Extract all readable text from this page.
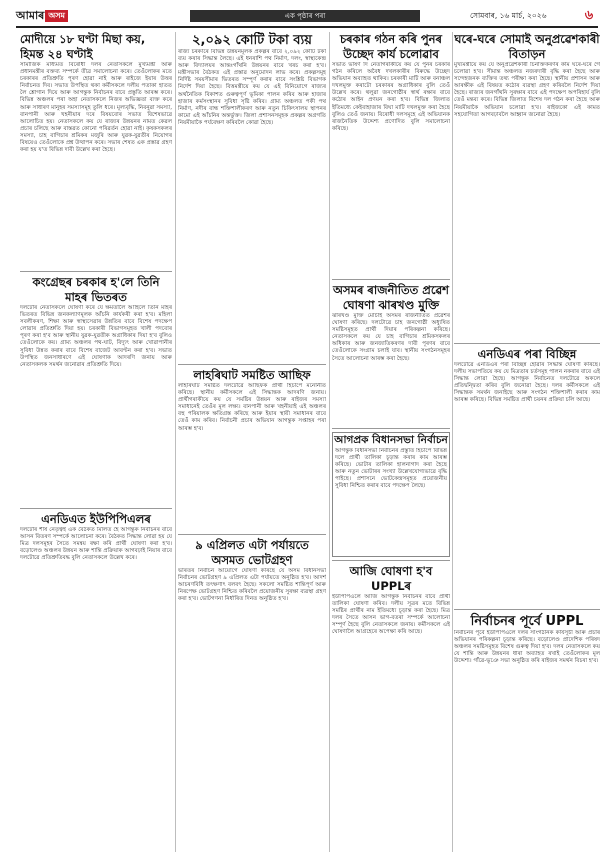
আমাৰ অসম	এক পৃষ্ঠাৰ পৰা	সোমবাৰ, ১৬ মাৰ্চ, ২০২৬	৬
মোদীয়ে ১৮ ঘণ্টা মিছা কয়, হিমন্ত ২৪ ঘণ্টাই
সামাজিক মাধ্যমত বিৰোধী দলৰ নেতাসকলে মুখ্যমন্ত্ৰী আৰু প্ৰধানমন্ত্ৰীৰ বক্তব্য সম্পৰ্কে তীব্ৰ সমালোচনা কৰে। তেওঁলোকৰ মতে চৰকাৰৰ প্ৰতিশ্ৰুতি পূৰণ হোৱা নাই আৰু ৰাইজে ইয়াৰ উত্তৰ নিৰ্বাচনত দিব। সভাত উপস্থিত থকা কৰ্মীসকলে দলীয় পতাকা হাতত লৈ শ্লোগান দিয়ে আৰু আগন্তুক নিৰ্বাচনৰ বাবে প্ৰস্তুতি আৰম্ভ কৰে। বিভিন্ন অঞ্চলৰ পৰা অহা নেতাসকলে নিজৰ অভিজ্ঞতা ব্যক্ত কৰে আৰু সাধাৰণ মানুহৰ সমস্যাসমূহ তুলি ধৰে। মূল্যবৃদ্ধি, নিবনুৱা সমস্যা, বানপানী আৰু খহনীয়াৰ দৰে বিষয়বোৰ সভাত বিশেষভাৱে আলোচিত হয়। নেতাসকলে কয় যে ৰাজ্যৰ উন্নয়নৰ নামত কেৱল প্ৰচাৰ চলিছে আৰু বাস্তৱত কোনো পৰিৱৰ্তন হোৱা নাই। কৃষকসকলৰ সমস্যা, চাহ বাগিচাৰ শ্ৰমিকৰ মজুৰি আৰু যুৱক-যুৱতীৰ নিয়োগৰ বিষয়েও তেওঁলোকে প্ৰশ্ন উত্থাপন কৰে। সভাৰ শেষত এক প্ৰস্তাৱ গ্ৰহণ কৰা হয় য'ত বিভিন্ন দাবী উল্লেখ কৰা হৈছে।
কংগ্ৰেছৰ চৰকাৰ হ'লে তিনি মাহৰ ভিতৰত
দলটোৰ নেতাসকলে ঘোষণা কৰে যে ক্ষমতালৈ আহিলে তিনি মাহৰ ভিতৰত বিভিন্ন জনকল্যাণমূলক আঁচনি কাৰ্যকৰী কৰা হ'ব। মহিলা সবলীকৰণ, শিক্ষা আৰু স্বাস্থ্যসেৱাৰ উন্নতিৰ বাবে বিশেষ পদক্ষেপ লোৱাৰ প্ৰতিশ্ৰুতি দিয়া হয়। চৰকাৰী বিভাগসমূহত খালী পদবোৰ পূৰণ কৰা হ'ব আৰু স্থানীয় যুৱক-যুৱতীক অগ্ৰাধিকাৰ দিয়া হ'ব বুলিও তেওঁলোকে কয়। গ্ৰাম্য অঞ্চলৰ পথ-ঘাট, বিদ্যুৎ আৰু খোৱাপানীৰ সুবিধা উন্নত কৰাৰ বাবে বিশেষ বাজেট আবণ্টন কৰা হ'ব। সভাত উপস্থিত জনসাধাৰণে এই ঘোষণাক আদৰণি জনায় আৰু নেতাসকলক সমৰ্থন জনোৱাৰ প্ৰতিশ্ৰুতি দিয়ে।
এনডিএত ইউপিপিএলৰ
দলটোৰ শীৰ্ষ নেতৃত্বই এক বৈঠকত মিলিত হৈ আগন্তুক নিৰ্বাচনৰ বাবে আসন বিতৰণ সম্পৰ্কে আলোচনা কৰে। বৈঠকত সিদ্ধান্ত লোৱা হয় যে মিত্ৰ দলসমূহৰ সৈতে সমন্বয় ৰক্ষা কৰি প্ৰাৰ্থী ঘোষণা কৰা হ'ব। বড়োলেণ্ড অঞ্চলৰ উন্নয়ন আৰু শান্তি প্ৰক্ৰিয়াক আগবঢ়াই নিয়াৰ বাবে দলটোৱে প্ৰতিশ্ৰুতিবদ্ধ বুলি নেতাসকলে উল্লেখ কৰে।
২,০৯২ কোটি টকা ব্যয়
ৰাজ্য চৰকাৰে বিভিন্ন উন্নয়নমূলক প্ৰকল্পৰ বাবে ২,০৯২ কোটি টকা ব্যয় কৰাৰ সিদ্ধান্ত লৈছে। এই ধনৰাশি পথ নিৰ্মাণ, দলং, স্বাস্থ্যকেন্দ্ৰ আৰু বিদ্যালয়ৰ আন্তঃগাঁথনি উন্নয়নৰ বাবে খৰচ কৰা হ'ব। মন্ত্ৰীসভাৰ বৈঠকত এই প্ৰস্তাৱ অনুমোদন লাভ কৰে। প্ৰকল্পসমূহ নিৰ্দিষ্ট সময়সীমাৰ ভিতৰত সম্পূৰ্ণ কৰাৰ বাবে সংশ্লিষ্ট বিভাগক নিৰ্দেশ দিয়া হৈছে। বিত্তমন্ত্ৰীয়ে কয় যে এই বিনিয়োগে ৰাজ্যৰ অৰ্থনৈতিক বিকাশত গুৰুত্বপূৰ্ণ ভূমিকা পালন কৰিব আৰু হাজাৰ হাজাৰ কৰ্মসংস্থানৰ সুবিধা সৃষ্টি কৰিব। গ্ৰাম্য অঞ্চলত পকী পথ নিৰ্মাণ, নদীৰ বান্ধ শক্তিশালীকৰণ আৰু নতুন চিকিৎসালয় স্থাপনৰ কামো এই আঁচনিৰ অন্তৰ্ভুক্ত। জিলা প্ৰশাসনসমূহক প্ৰকল্পৰ অগ্ৰগতি নিয়মীয়াকৈ পৰ্যবেক্ষণ কৰিবলৈ কোৱা হৈছে।
লাহৰিঘাট সমষ্টিত আছিফ
লাহৰিঘাট সমষ্টিত দলটোৱে আছিফক প্ৰাৰ্থী হিচাপে মনোনীত কৰিছে। স্থানীয় কৰ্মীসকলে এই সিদ্ধান্তক আদৰণি জনায়। প্ৰাৰ্থীগৰাকীয়ে কয় যে সমষ্টিৰ উন্নয়ন আৰু ৰাইজৰ সমস্যা সমাধানেই তেওঁৰ মূল লক্ষ্য। বানপানী আৰু খহনীয়াই এই অঞ্চলৰ বহু পৰিয়ালক ক্ষতিগ্ৰস্ত কৰিছে আৰু ইয়াৰ স্থায়ী সমাধানৰ বাবে তেওঁ কাম কৰিব। নিৰ্বাচনী প্ৰচাৰ অভিযান আগন্তুক সপ্তাহৰ পৰা আৰম্ভ হ'ব।
৯ এপ্ৰিলত এটা পৰ্যায়তে অসমত ভোটগ্ৰহণ
ভাৰতৰ নিৰ্বাচন আয়োগে ঘোষণা কৰিছে যে অসম বিধানসভা নিৰ্বাচনৰ ভোটগ্ৰহণ ৯ এপ্ৰিলত এটা পৰ্যায়তে অনুষ্ঠিত হ'ব। আদৰ্শ আচৰণবিধি তৎক্ষণাৎ বলবৎ হৈছে। সকলো সমষ্টিত শান্তিপূৰ্ণ আৰু নিৰপেক্ষ ভোটগ্ৰহণ নিশ্চিত কৰিবলৈ প্ৰয়োজনীয় সুৰক্ষা ব্যৱস্থা গ্ৰহণ কৰা হ'ব। ভোটগণনা নিৰ্ধাৰিত দিনত অনুষ্ঠিত হ'ব।
চৰকাৰ গঠন কৰি পুনৰ উচ্ছেদ কাৰ্য চলোৱাব
সভাত ভাষণ দি নেতাগৰাকীয়ে কয় যে পুনৰ চৰকাৰ গঠন কৰিলে অবৈধ দখলকাৰীৰ বিৰুদ্ধে উচ্ছেদ অভিযান অব্যাহত থাকিব। চৰকাৰী মাটি আৰু বনাঞ্চল দখলমুক্ত কৰাটো চৰকাৰৰ অগ্ৰাধিকাৰ বুলি তেওঁ উল্লেখ কৰে। থলুৱা জনগোষ্ঠীৰ স্বাৰ্থ ৰক্ষাৰ বাবে কঠোৰ আইন প্ৰণয়ন কৰা হ'ব। বিভিন্ন জিলাত ইতিমধ্যে কেইবাহাজাৰ বিঘা মাটি দখলমুক্ত কৰা হৈছে বুলিও তেওঁ জনায়। বিৰোধী দলসমূহে এই অভিযানক ৰাজনৈতিক উদ্দেশ্য প্ৰণোদিত বুলি সমালোচনা কৰিছে।
অসমৰ ৰাজনীতিত প্ৰৱেশ ঘোষণা ঝাৰখণ্ড মুক্তি
ঝাৰখণ্ড মুক্তি মোৰ্চাই অসমৰ ৰাজনীতিত প্ৰৱেশৰ ঘোষণা কৰিছে। দলটোৱে চাহ জনগোষ্ঠী অধ্যুষিত সমষ্টিসমূহত প্ৰাৰ্থী দিয়াৰ পৰিকল্পনা কৰিছে। নেতাসকলে কয় যে চাহ বাগিচাৰ শ্ৰমিকসকলৰ অধিকাৰ আৰু জনজাতিকৰণৰ দাবী পূৰণৰ বাবে তেওঁলোকে সংগ্ৰাম চলাই যাব। স্থানীয় সংগঠনসমূহৰ সৈতে আলোচনা আৰম্ভ কৰা হৈছে।
আগপ্ৰক বিধানসভা নিৰ্বাচন
আগন্তুক বিধানসভা নিৰ্বাচনৰ প্ৰস্তুতি হিচাপে বিভিন্ন দলে প্ৰাৰ্থী তালিকা চূড়ান্ত কৰাৰ কাম আৰম্ভ কৰিছে। ভোটাৰ তালিকা হালনাগাদ কৰা হৈছে আৰু নতুন ভোটাৰৰ সংখ্যা উল্লেখযোগ্যভাৱে বৃদ্ধি পাইছে। প্ৰশাসনে ভোটকেন্দ্ৰসমূহত প্ৰয়োজনীয় সুবিধা নিশ্চিত কৰাৰ বাবে পদক্ষেপ লৈছে।
আজি ঘোষণা হ'ব UPPLৰ
ইউপিপিএলে আজি আগন্তুক নিৰ্বাচনৰ বাবে প্ৰাৰ্থী তালিকা ঘোষণা কৰিব। দলীয় সূত্ৰৰ মতে বিভিন্ন সমষ্টিৰ প্ৰাৰ্থীৰ নাম ইতিমধ্যে চূড়ান্ত কৰা হৈছে। মিত্ৰ দলৰ সৈতে আসন ভাগ-বতৰা সম্পৰ্কে আলোচনা সম্পূৰ্ণ হৈছে বুলি নেতাসকলে জনায়। কৰ্মীসকলে এই ঘোষণালৈ আগ্ৰহেৰে অপেক্ষা কৰি আছে।
ঘৰে-ঘৰে সোমাই অনুপ্ৰৱেশকাৰী বিতাড়ন
মুখ্যমন্ত্ৰীয়ে কয় যে অনুপ্ৰৱেশকাৰী চিনাক্তকৰণৰ কাম ঘৰে-ঘৰে গৈ চলোৱা হ'ব। সীমান্ত অঞ্চলত নজৰদাৰী বৃদ্ধি কৰা হৈছে আৰু সন্দেহজনক ব্যক্তিৰ তথ্য পৰীক্ষা কৰা হৈছে। স্থানীয় প্ৰশাসন আৰু আৰক্ষীক এই বিষয়ত কঠোৰ ব্যৱস্থা গ্ৰহণ কৰিবলৈ নিৰ্দেশ দিয়া হৈছে। ৰাজ্যৰ জনগাঁথনি সুৰক্ষাৰ বাবে এই পদক্ষেপ অপৰিহাৰ্য বুলি তেওঁ মন্তব্য কৰে। বিভিন্ন জিলাত বিশেষ দল গঠন কৰা হৈছে আৰু নিয়মীয়াকৈ অভিযান চলোৱা হ'ব। ৰাইজকো এই কামত সহযোগিতা আগবঢ়াবলৈ আহ্বান জনোৱা হৈছে।
এনডিএৰ পৰা বিচ্ছিন্ন
দলটোৱে এনডিএৰ পৰা বিচ্ছিন্ন হোৱাৰ সিদ্ধান্ত ঘোষণা কৰিছে। দলীয় সভাপতিয়ে কয় যে মিত্ৰতাৰ চৰ্তসমূহ পালন নকৰাৰ বাবে এই সিদ্ধান্ত লোৱা হৈছে। আগন্তুক নিৰ্বাচনত দলটোৱে অকলে প্ৰতিদ্বন্দ্বিতা কৰিব বুলি জনোৱা হৈছে। দলৰ কৰ্মীসকলে এই সিদ্ধান্তক সমৰ্থন জনাইছে আৰু সংগঠন শক্তিশালী কৰাৰ কাম আৰম্ভ কৰিছে। বিভিন্ন সমষ্টিত প্ৰাৰ্থী চয়নৰ প্ৰক্ৰিয়া চলি আছে।
নিৰ্বাচনৰ পূৰ্বে UPPL
নিৰ্বাচনৰ পূৰ্বে ইউপিপিএলে দলৰ সাংগঠনিক কাৰ্যসূচী আৰু প্ৰচাৰ অভিযানৰ পৰিকল্পনা চূড়ান্ত কৰিছে। বড়োলেণ্ড প্ৰাদেশিক পৰিষদ অঞ্চলৰ সমষ্টিসমূহত বিশেষ গুৰুত্ব দিয়া হ'ব। দলৰ নেতাসকলে কয় যে শান্তি আৰু উন্নয়নৰ ধাৰা অব্যাহত ৰখাই তেওঁলোকৰ মূল উদ্দেশ্য। গাঁৱে-ভূঞে সভা অনুষ্ঠিত কৰি ৰাইজৰ সমৰ্থন বিচৰা হ'ব।
